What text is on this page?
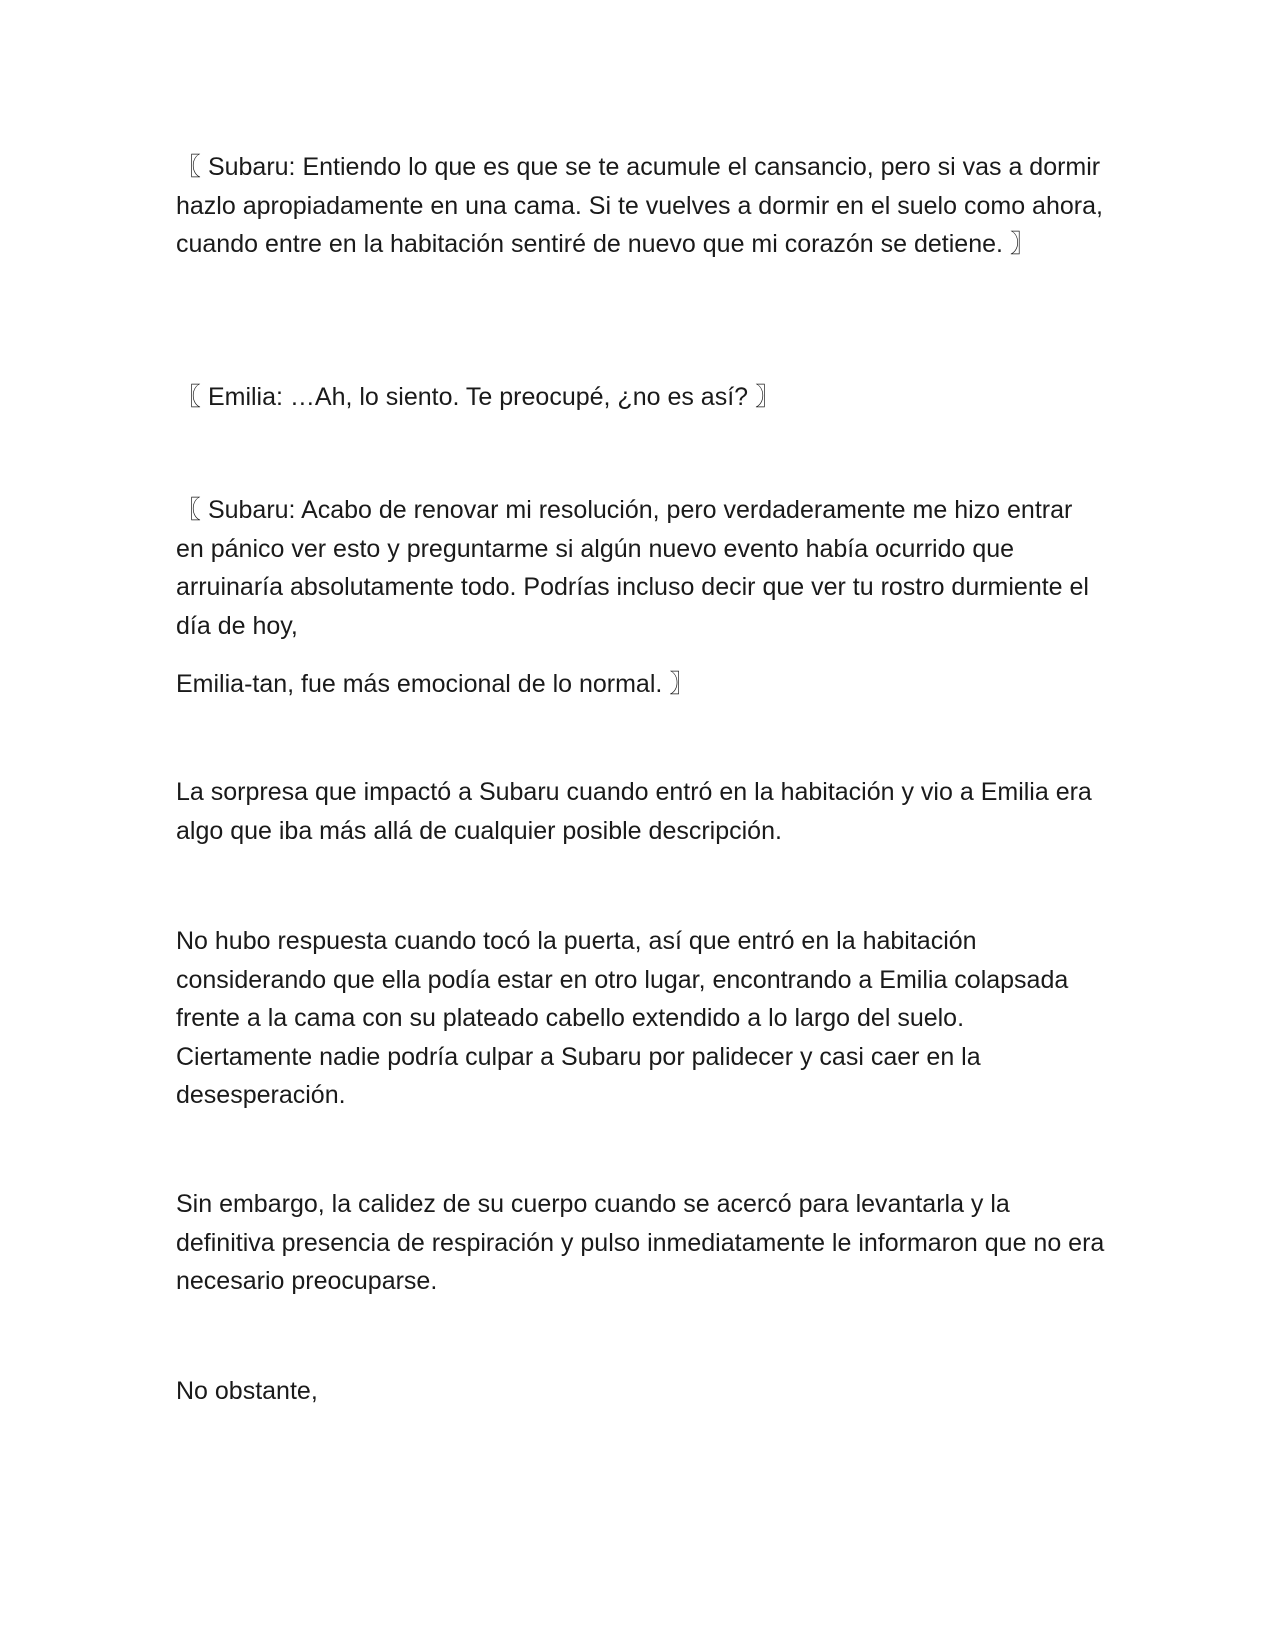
〖 Subaru: Entiendo lo que es que se te acumule el cansancio, pero si vas a dormir hazlo apropiadamente en una cama. Si te vuelves a dormir en el suelo como ahora, cuando entre en la habitación sentiré de nuevo que mi corazón se detiene. 〗

〖 Emilia: …Ah, lo siento. Te preocupé, ¿no es así? 〗

〖 Subaru: Acabo de renovar mi resolución, pero verdaderamente me hizo entrar en pánico ver esto y preguntarme si algún nuevo evento había ocurrido que arruinaría absolutamente todo. Podrías incluso decir que ver tu rostro durmiente el día de hoy,

Emilia-tan, fue más emocional de lo normal. 〗

La sorpresa que impactó a Subaru cuando entró en la habitación y vio a Emilia era algo que iba más allá de cualquier posible descripción.

No hubo respuesta cuando tocó la puerta, así que entró en la habitación considerando que ella podía estar en otro lugar, encontrando a Emilia colapsada frente a la cama con su plateado cabello extendido a lo largo del suelo. Ciertamente nadie podría culpar a Subaru por palidecer y casi caer en la desesperación.

Sin embargo, la calidez de su cuerpo cuando se acercó para levantarla y la definitiva presencia de respiración y pulso inmediatamente le informaron que no era necesario preocuparse.

No obstante,
